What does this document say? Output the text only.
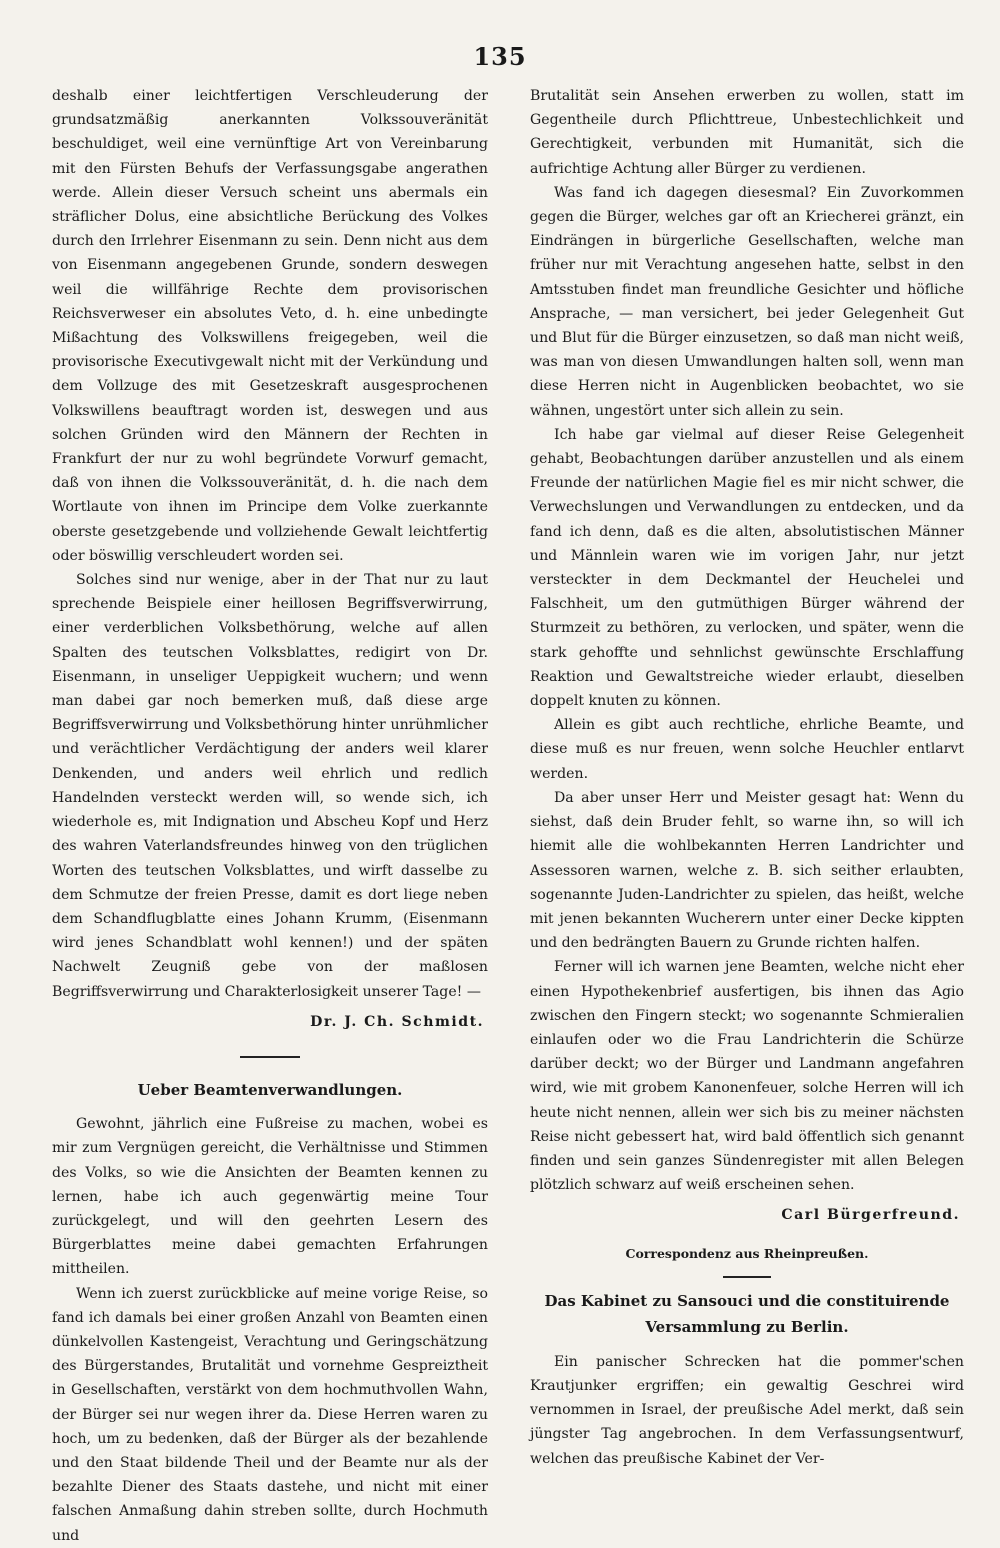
135

deshalb einer leichtfertigen Verschleuderung der grundsatzmäßig anerkannten Volkssouveränität beschuldiget, weil eine vernünftige Art von Vereinbarung mit den Fürsten Behufs der Verfassungsgabe angerathen werde. Allein dieser Versuch scheint uns abermals ein sträflicher Dolus, eine absichtliche Berückung des Volkes durch den Irrlehrer Eisenmann zu sein. Denn nicht aus dem von Eisenmann angegebenen Grunde, sondern deswegen weil die willfährige Rechte dem provisorischen Reichsverweser ein absolutes Veto, d. h. eine unbedingte Mißachtung des Volkswillens freigegeben, weil die provisorische Executivgewalt nicht mit der Verkündung und dem Vollzuge des mit Gesetzeskraft ausgesprochenen Volkswillens beauftragt worden ist, deswegen und aus solchen Gründen wird den Männern der Rechten in Frankfurt der nur zu wohl begründete Vorwurf gemacht, daß von ihnen die Volkssouveränität, d. h. die nach dem Wortlaute von ihnen im Principe dem Volke zuerkannte oberste gesetzgebende und vollziehende Gewalt leichtfertig oder böswillig verschleudert worden sei.

Solches sind nur wenige, aber in der That nur zu laut sprechende Beispiele einer heillosen Begriffsverwirrung, einer verderblichen Volksbethörung, welche auf allen Spalten des teutschen Volksblattes, redigirt von Dr. Eisenmann, in unseliger Ueppigkeit wuchern; und wenn man dabei gar noch bemerken muß, daß diese arge Begriffsverwirrung und Volksbethörung hinter unrühmlicher und verächtlicher Verdächtigung der anders weil klarer Denkenden, und anders weil ehrlich und redlich Handelnden versteckt werden will, so wende sich, ich wiederhole es, mit Indignation und Abscheu Kopf und Herz des wahren Vaterlandsfreundes hinweg von den trüglichen Worten des teutschen Volksblattes, und wirft dasselbe zu dem Schmutze der freien Presse, damit es dort liege neben dem Schandflugblatte eines Johann Krumm, (Eisenmann wird jenes Schandblatt wohl kennen!) und der späten Nachwelt Zeugniß gebe von der maßlosen Begriffsverwirrung und Charakterlosigkeit unserer Tage! —

Dr. J. Ch. Schmidt.

Ueber Beamtenverwandlungen.

Gewohnt, jährlich eine Fußreise zu machen, wobei es mir zum Vergnügen gereicht, die Verhältnisse und Stimmen des Volks, so wie die Ansichten der Beamten kennen zu lernen, habe ich auch gegenwärtig meine Tour zurückgelegt, und will den geehrten Lesern des Bürgerblattes meine dabei gemachten Erfahrungen mittheilen.

Wenn ich zuerst zurückblicke auf meine vorige Reise, so fand ich damals bei einer großen Anzahl von Beamten einen dünkelvollen Kastengeist, Verachtung und Geringschätzung des Bürgerstandes, Brutalität und vornehme Gespreiztheit in Gesellschaften, verstärkt von dem hochmuthvollen Wahn, der Bürger sei nur wegen ihrer da. Diese Herren waren zu hoch, um zu bedenken, daß der Bürger als der bezahlende und den Staat bildende Theil und der Beamte nur als der bezahlte Diener des Staats dastehe, und nicht mit einer falschen Anmaßung dahin streben sollte, durch Hochmuth und

Brutalität sein Ansehen erwerben zu wollen, statt im Gegentheile durch Pflichttreue, Unbestechlichkeit und Gerechtigkeit, verbunden mit Humanität, sich die aufrichtige Achtung aller Bürger zu verdienen.

Was fand ich dagegen diesesmal? Ein Zuvorkommen gegen die Bürger, welches gar oft an Kriecherei gränzt, ein Eindrängen in bürgerliche Gesellschaften, welche man früher nur mit Verachtung angesehen hatte, selbst in den Amtsstuben findet man freundliche Gesichter und höfliche Ansprache, — man versichert, bei jeder Gelegenheit Gut und Blut für die Bürger einzusetzen, so daß man nicht weiß, was man von diesen Umwandlungen halten soll, wenn man diese Herren nicht in Augenblicken beobachtet, wo sie wähnen, ungestört unter sich allein zu sein.

Ich habe gar vielmal auf dieser Reise Gelegenheit gehabt, Beobachtungen darüber anzustellen und als einem Freunde der natürlichen Magie fiel es mir nicht schwer, die Verwechslungen und Verwandlungen zu entdecken, und da fand ich denn, daß es die alten, absolutistischen Männer und Männlein waren wie im vorigen Jahr, nur jetzt versteckter in dem Deckmantel der Heuchelei und Falschheit, um den gutmüthigen Bürger während der Sturmzeit zu bethören, zu verlocken, und später, wenn die stark gehoffte und sehnlichst gewünschte Erschlaffung Reaktion und Gewaltstreiche wieder erlaubt, dieselben doppelt knuten zu können.

Allein es gibt auch rechtliche, ehrliche Beamte, und diese muß es nur freuen, wenn solche Heuchler entlarvt werden.

Da aber unser Herr und Meister gesagt hat: Wenn du siehst, daß dein Bruder fehlt, so warne ihn, so will ich hiemit alle die wohlbekannten Herren Landrichter und Assessoren warnen, welche z. B. sich seither erlaubten, sogenannte Juden-Landrichter zu spielen, das heißt, welche mit jenen bekannten Wucherern unter einer Decke kippten und den bedrängten Bauern zu Grunde richten halfen.

Ferner will ich warnen jene Beamten, welche nicht eher einen Hypothekenbrief ausfertigen, bis ihnen das Agio zwischen den Fingern steckt; wo sogenannte Schmieralien einlaufen oder wo die Frau Landrichterin die Schürze darüber deckt; wo der Bürger und Landmann angefahren wird, wie mit grobem Kanonenfeuer, solche Herren will ich heute nicht nennen, allein wer sich bis zu meiner nächsten Reise nicht gebessert hat, wird bald öffentlich sich genannt finden und sein ganzes Sündenregister mit allen Belegen plötzlich schwarz auf weiß erscheinen sehen.

Carl Bürgerfreund.

Correspondenz aus Rheinpreußen.

Das Kabinet zu Sansouci und die constituirende Versammlung zu Berlin.

Ein panischer Schrecken hat die pommer'schen Krautjunker ergriffen; ein gewaltig Geschrei wird vernommen in Israel, der preußische Adel merkt, daß sein jüngster Tag angebrochen. In dem Verfassungsentwurf, welchen das preußische Kabinet der Ver-
